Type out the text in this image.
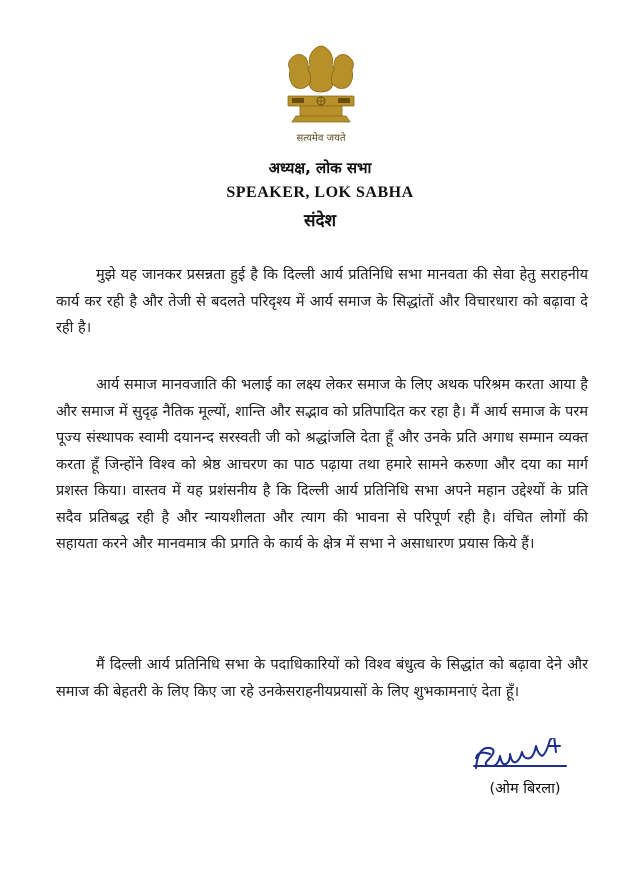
सत्यमेव जयते
अध्यक्ष, लोक सभा
SPEAKER, LOK SABHA
संदेश

मुझे यह जानकर प्रसन्नता हुई है कि दिल्ली आर्य प्रतिनिधि सभा मानवता की सेवा हेतु सराहनीय कार्य कर रही है और तेजी से बदलते परिदृश्य में आर्य समाज के सिद्धांतों और विचारधारा को बढ़ावा दे रही है।

आर्य समाज मानवजाति की भलाई का लक्ष्य लेकर समाज के लिए अथक परिश्रम करता आया है और समाज में सुदृढ़ नैतिक मूल्यों, शान्ति और सद्भाव को प्रतिपादित कर रहा है। मैं आर्य समाज के परम पूज्य संस्थापक स्वामी दयानन्द सरस्वती जी को श्रद्धांजलि देता हूँ और उनके प्रति अगाध सम्मान व्यक्त करता हूँ जिन्होंने विश्व को श्रेष्ठ आचरण का पाठ पढ़ाया तथा हमारे सामने करुणा और दया का मार्ग प्रशस्त किया। वास्तव में यह प्रशंसनीय है कि दिल्ली आर्य प्रतिनिधि सभा अपने महान उद्देश्यों के प्रति सदैव प्रतिबद्ध रही है और न्यायशीलता और त्याग की भावना से परिपूर्ण रही है। वंचित लोगों की सहायता करने और मानवमात्र की प्रगति के कार्य के क्षेत्र में सभा ने असाधारण प्रयास किये हैं।

मैं दिल्ली आर्य प्रतिनिधि सभा के पदाधिकारियों को विश्व बंधुत्व के सिद्धांत को बढ़ावा देने और समाज की बेहतरी के लिए किए जा रहे उनकेसराहनीयप्रयासों के लिए शुभकामनाएं देता हूँ।

(ओम बिरला)
